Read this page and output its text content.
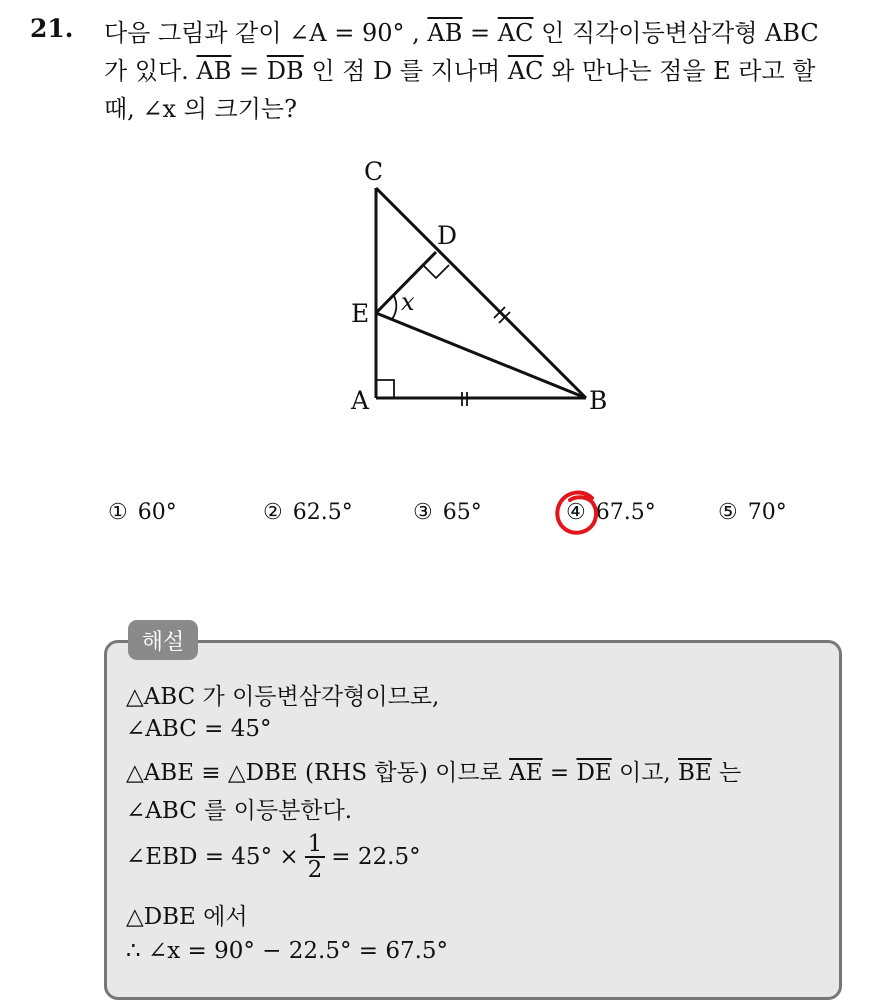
21. 다음 그림과 같이 ∠A = 90° , $\overline{AB} = \overline{AC}$ 인 직각이등변삼각형 ABC
가 있다. $\overline{AB} = \overline{DB}$ 인 점 D 를 지나며 $\overline{AC}$ 와 만나는 점을 E 라고 할
때, ∠x 의 크기는?
C
D
E
A	B
x
① 60°	② 62.5°	③ 65°	④ 67.5°	⑤ 70°
해설
△ABC 가 이등변삼각형이므로,
∠ABC = 45°
△ABE ≡ △DBE (RHS 합동) 이므로 $\overline{AE} = \overline{DE}$ 이고, $\overline{BE}$ 는
∠ABC 를 이등분한다.
∠EBD = $45^\circ \times \frac{1}{2} = 22.5^\circ$
△DBE 에서
∴ ∠x = 90° − 22.5° = 67.5°
